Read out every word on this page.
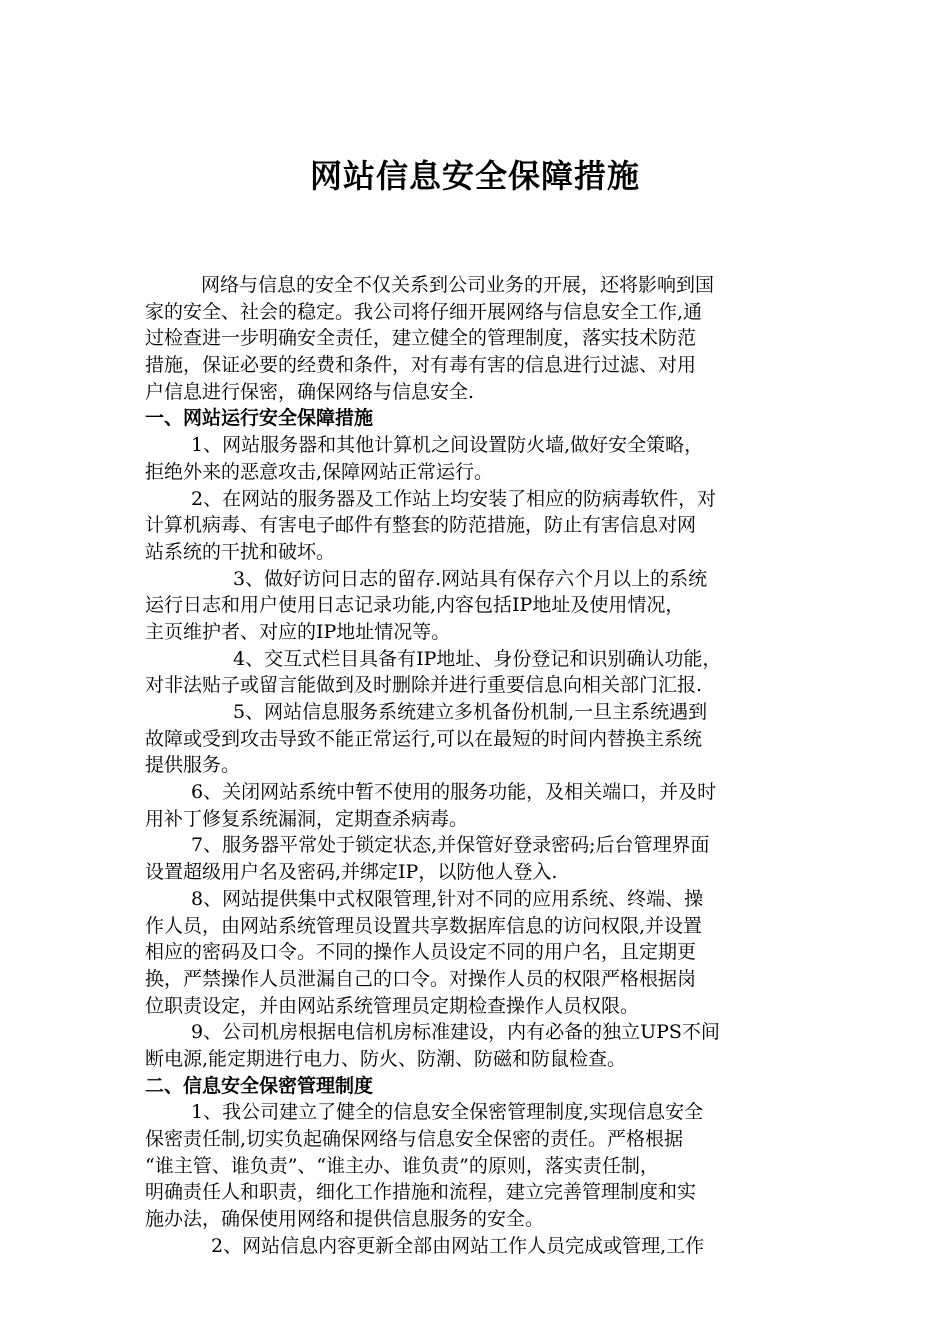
网站信息安全保障措施
网络与信息的安全不仅关系到公司业务的开展，还将影响到国
家的安全、社会的稳定。我公司将仔细开展网络与信息安全工作,通
过检查进一步明确安全责任，建立健全的管理制度，落实技术防范
措施，保证必要的经费和条件，对有毒有害的信息进行过滤、对用
户信息进行保密，确保网络与信息安全.
一、网站运行安全保障措施
1、网站服务器和其他计算机之间设置防火墙,做好安全策略，
拒绝外来的恶意攻击,保障网站正常运行。
2、在网站的服务器及工作站上均安装了相应的防病毒软件，对
计算机病毒、有害电子邮件有整套的防范措施，防止有害信息对网
站系统的干扰和破坏。
3、做好访问日志的留存.网站具有保存六个月以上的系统
运行日志和用户使用日志记录功能,内容包括IP地址及使用情况，
主页维护者、对应的IP地址情况等。
4、交互式栏目具备有IP地址、身份登记和识别确认功能，
对非法贴子或留言能做到及时删除并进行重要信息向相关部门汇报.
5、网站信息服务系统建立多机备份机制,一旦主系统遇到
故障或受到攻击导致不能正常运行,可以在最短的时间内替换主系统
提供服务。
6、关闭网站系统中暂不使用的服务功能，及相关端口，并及时
用补丁修复系统漏洞，定期查杀病毒。
7、服务器平常处于锁定状态,并保管好登录密码;后台管理界面
设置超级用户名及密码,并绑定IP，以防他人登入.
8、网站提供集中式权限管理,针对不同的应用系统、终端、操
作人员，由网站系统管理员设置共享数据库信息的访问权限,并设置
相应的密码及口令。不同的操作人员设定不同的用户名，且定期更
换，严禁操作人员泄漏自己的口令。对操作人员的权限严格根据岗
位职责设定，并由网站系统管理员定期检查操作人员权限。
9、公司机房根据电信机房标准建设，内有必备的独立UPS不间
断电源,能定期进行电力、防火、防潮、防磁和防鼠检查。
二、信息安全保密管理制度
1、我公司建立了健全的信息安全保密管理制度,实现信息安全
保密责任制,切实负起确保网络与信息安全保密的责任。严格根据
“谁主管、谁负责”、“谁主办、谁负责”的原则，落实责任制，
明确责任人和职责，细化工作措施和流程，建立完善管理制度和实
施办法，确保使用网络和提供信息服务的安全。
2、网站信息内容更新全部由网站工作人员完成或管理,工作
